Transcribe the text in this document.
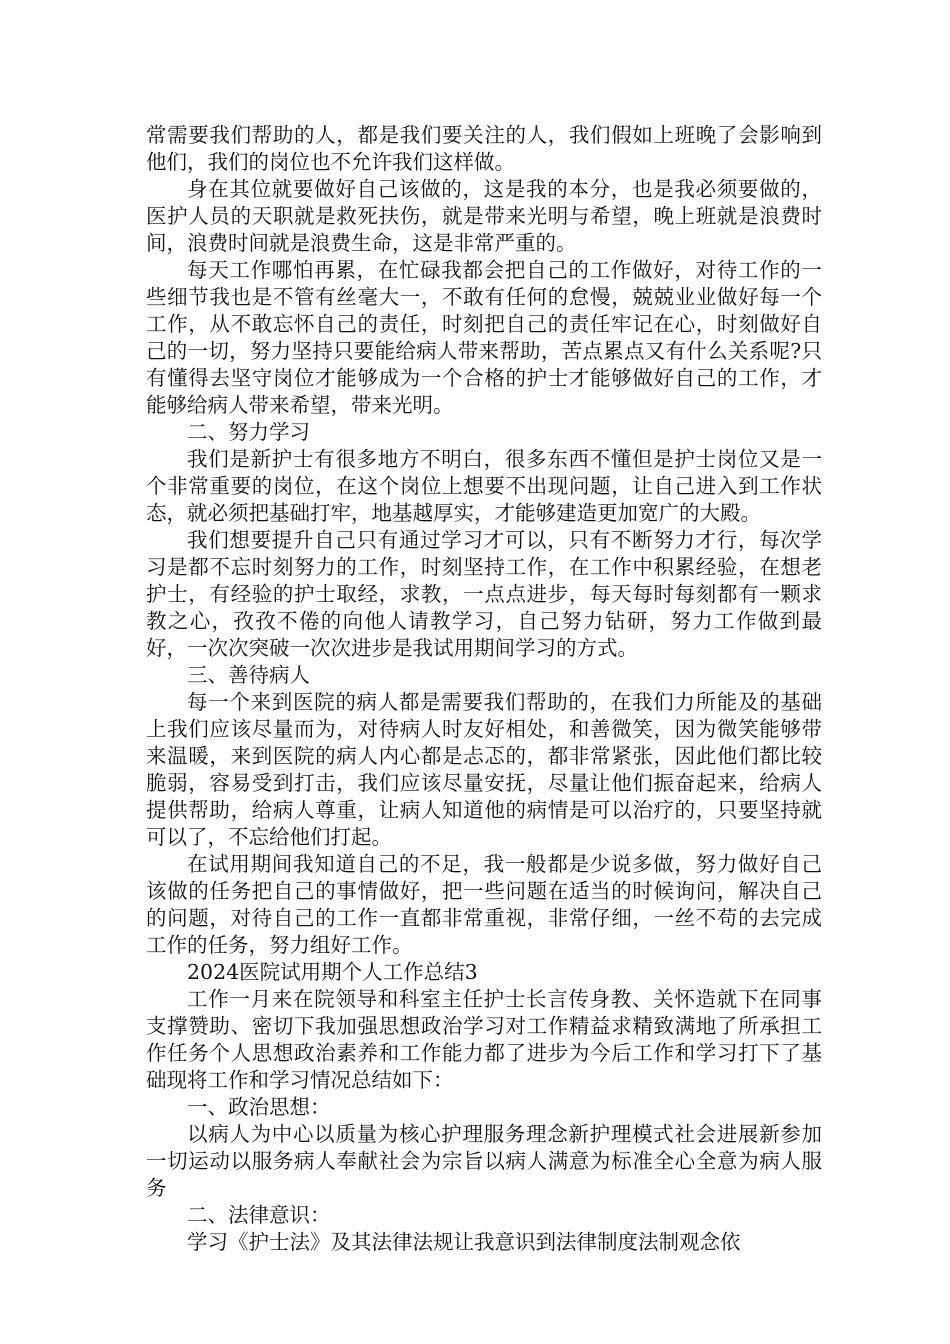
常需要我们帮助的人，都是我们要关注的人，我们假如上班晚了会影响到他们，我们的岗位也不允许我们这样做。

身在其位就要做好自己该做的，这是我的本分，也是我必须要做的，医护人员的天职就是救死扶伤，就是带来光明与希望，晚上班就是浪费时间，浪费时间就是浪费生命，这是非常严重的。

每天工作哪怕再累，在忙碌我都会把自己的工作做好，对待工作的一些细节我也是不管有丝毫大一，不敢有任何的怠慢，兢兢业业做好每一个工作，从不敢忘怀自己的责任，时刻把自己的责任牢记在心，时刻做好自己的一切，努力坚持只要能给病人带来帮助，苦点累点又有什么关系呢?只有懂得去坚守岗位才能够成为一个合格的护士才能够做好自己的工作，才能够给病人带来希望，带来光明。

二、努力学习

我们是新护士有很多地方不明白，很多东西不懂但是护士岗位又是一个非常重要的岗位，在这个岗位上想要不出现问题，让自己进入到工作状态，就必须把基础打牢，地基越厚实，才能够建造更加宽广的大殿。

我们想要提升自己只有通过学习才可以，只有不断努力才行，每次学习是都不忘时刻努力的工作，时刻坚持工作，在工作中积累经验，在想老护士，有经验的护士取经，求教，一点点进步，每天每时每刻都有一颗求教之心，孜孜不倦的向他人请教学习，自己努力钻研，努力工作做到最好，一次次突破一次次进步是我试用期间学习的方式。

三、善待病人

每一个来到医院的病人都是需要我们帮助的，在我们力所能及的基础上我们应该尽量而为，对待病人时友好相处，和善微笑，因为微笑能够带来温暖，来到医院的病人内心都是忐忑的，都非常紧张，因此他们都比较脆弱，容易受到打击，我们应该尽量安抚，尽量让他们振奋起来，给病人提供帮助，给病人尊重，让病人知道他的病情是可以治疗的，只要坚持就可以了，不忘给他们打起。

在试用期间我知道自己的不足，我一般都是少说多做，努力做好自己该做的任务把自己的事情做好，把一些问题在适当的时候询问，解决自己的问题，对待自己的工作一直都非常重视，非常仔细，一丝不苟的去完成工作的任务，努力组好工作。

2024医院试用期个人工作总结3

工作一月来在院领导和科室主任护士长言传身教、关怀造就下在同事支撑赞助、密切下我加强思想政治学习对工作精益求精致满地了所承担工作任务个人思想政治素养和工作能力都了进步为今后工作和学习打下了基础现将工作和学习情况总结如下：

一、政治思想：

以病人为中心以质量为核心护理服务理念新护理模式社会进展新参加一切运动以服务病人奉献社会为宗旨以病人满意为标准全心全意为病人服务

二、法律意识：

学习《护士法》及其法律法规让我意识到法律制度法制观念依
